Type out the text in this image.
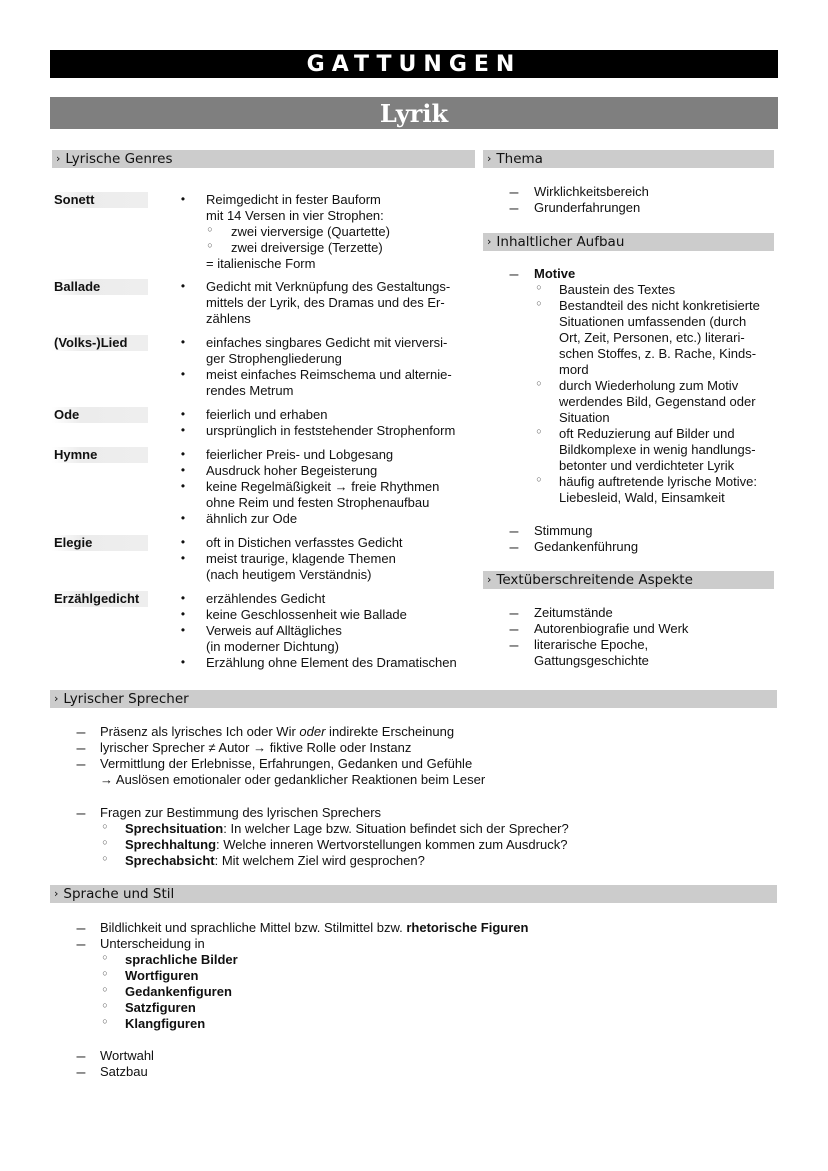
GATTUNGEN
Lyrik
› Lyrische Genres
Sonett	•	Reimgedicht in fester Bauform
mit 14 Versen in vier Strophen:
○	zwei vierversige (Quartette)
○	zwei dreiversige (Terzette)
= italienische Form
Ballade	•	Gedicht mit Verknüpfung des Gestaltungs-
mittels der Lyrik, des Dramas und des Er-
zählens
(Volks-)Lied	•	einfaches singbares Gedicht mit vierversi-
ger Strophengliederung
•	meist einfaches Reimschema und alternie-
rendes Metrum
Ode	•	feierlich und erhaben
•	ursprünglich in feststehender Strophenform
Hymne	•	feierlicher Preis- und Lobgesang
•	Ausdruck hoher Begeisterung
•	keine Regelmäßigkeit → freie Rhythmen
ohne Reim und festen Strophenaufbau
•	ähnlich zur Ode
Elegie	•	oft in Distichen verfasstes Gedicht
•	meist traurige, klagende Themen
(nach heutigem Verständnis)
Erzählgedicht	•	erzählendes Gedicht
•	keine Geschlossenheit wie Ballade
•	Verweis auf Alltägliches
(in moderner Dichtung)
•	Erzählung ohne Element des Dramatischen
› Thema
– Wirklichkeitsbereich
– Grunderfahrungen
› Inhaltlicher Aufbau
– Motive
○	Baustein des Textes
○	Bestandteil des nicht konkretisierte
Situationen umfassenden (durch
Ort, Zeit, Personen, etc.) literari-
schen Stoffes, z. B. Rache, Kinds-
mord
○	durch Wiederholung zum Motiv
werdendes Bild, Gegenstand oder
Situation
○	oft Reduzierung auf Bilder und
Bildkomplexe in wenig handlungs-
betonter und verdichteter Lyrik
○	häufig auftretende lyrische Motive:
Liebesleid, Wald, Einsamkeit
– Stimmung
– Gedankenführung
› Textüberschreitende Aspekte
– Zeitumstände
– Autorenbiografie und Werk
– literarische Epoche,
Gattungsgeschichte
› Lyrischer Sprecher
– Präsenz als lyrisches Ich oder Wir oder indirekte Erscheinung
– lyrischer Sprecher ≠ Autor → fiktive Rolle oder Instanz
– Vermittlung der Erlebnisse, Erfahrungen, Gedanken und Gefühle
→ Auslösen emotionaler oder gedanklicher Reaktionen beim Leser
– Fragen zur Bestimmung des lyrischen Sprechers
○	Sprechsituation: In welcher Lage bzw. Situation befindet sich der Sprecher?
○	Sprechhaltung: Welche inneren Wertvorstellungen kommen zum Ausdruck?
○	Sprechabsicht: Mit welchem Ziel wird gesprochen?
› Sprache und Stil
– Bildlichkeit und sprachliche Mittel bzw. Stilmittel bzw. rhetorische Figuren
– Unterscheidung in
○	sprachliche Bilder
○	Wortfiguren
○	Gedankenfiguren
○	Satzfiguren
○	Klangfiguren
– Wortwahl
– Satzbau
